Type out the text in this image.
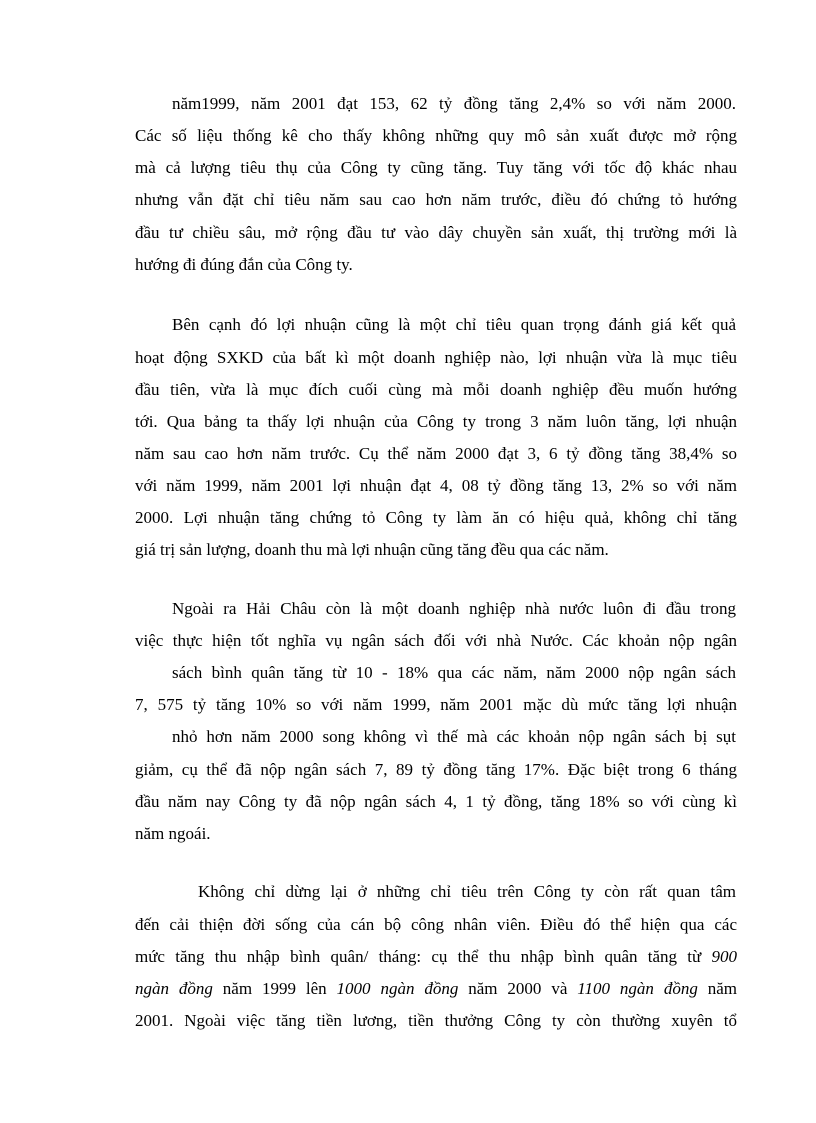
năm1999, năm 2001 đạt 153, 62 tỷ đồng tăng 2,4% so với năm 2000.
Các số liệu thống kê cho thấy không những quy mô sản xuất được mở rộng
mà cả lượng tiêu thụ của Công ty cũng tăng. Tuy tăng với tốc độ khác nhau
nhưng vẫn đặt chỉ tiêu năm sau cao hơn năm trước, điều đó chứng tỏ hướng
đầu tư chiều sâu, mở rộng đầu tư vào dây chuyền sản xuất, thị trường mới là
hướng đi đúng đắn của Công ty.
Bên cạnh đó lợi nhuận cũng là một chỉ tiêu quan trọng đánh giá kết quả
hoạt động SXKD của bất kì một doanh nghiệp nào, lợi nhuận vừa là mục tiêu
đầu tiên, vừa là mục đích cuối cùng mà mỗi doanh nghiệp đều muốn hướng
tới. Qua bảng ta thấy lợi nhuận của Công ty trong 3 năm luôn tăng, lợi nhuận
năm sau cao hơn năm trước. Cụ thể năm 2000 đạt 3, 6 tỷ đồng tăng 38,4% so
với năm 1999, năm 2001 lợi nhuận đạt 4, 08 tỷ đồng tăng 13, 2% so với năm
2000. Lợi nhuận tăng chứng tỏ Công ty làm ăn có hiệu quả, không chỉ tăng
giá trị sản lượng, doanh thu mà lợi nhuận cũng tăng đều qua các năm.
Ngoài ra Hải Châu còn là một doanh nghiệp nhà nước luôn đi đầu trong
việc thực hiện tốt nghĩa vụ ngân sách đối với nhà Nước. Các khoản nộp ngân
sách bình quân tăng từ 10 - 18% qua các năm, năm 2000 nộp ngân sách
7, 575 tỷ tăng 10% so với năm 1999, năm 2001 mặc dù mức tăng lợi nhuận
nhỏ hơn năm 2000 song không vì thế mà các khoản nộp ngân sách bị sụt
giảm, cụ thể đã nộp ngân sách 7, 89 tỷ đồng tăng 17%. Đặc biệt trong 6 tháng
đầu năm nay Công ty đã nộp ngân sách 4, 1 tỷ đồng, tăng 18% so với cùng kì
năm ngoái.
Không chỉ dừng lại ở những chỉ tiêu trên Công ty còn rất quan tâm
đến cải thiện đời sống của cán bộ công nhân viên. Điều đó thể hiện qua các
mức tăng thu nhập bình quân/ tháng: cụ thể thu nhập bình quân tăng từ 900
ngàn đồng năm 1999 lên 1000 ngàn đồng năm 2000 và 1100 ngàn đồng năm
2001. Ngoài việc tăng tiền lương, tiền thưởng Công ty còn thường xuyên tổ
